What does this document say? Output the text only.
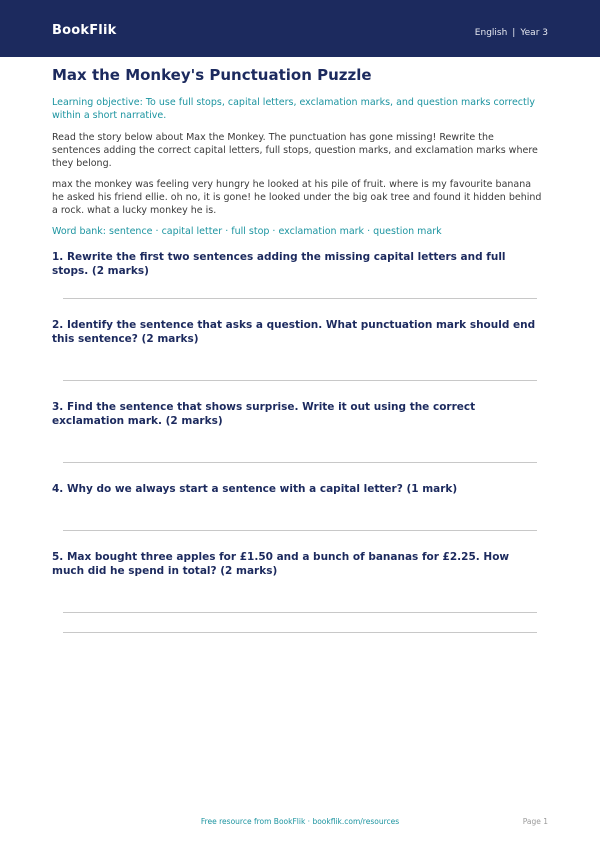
BookFlik	English | Year 3
Max the Monkey's Punctuation Puzzle
Learning objective: To use full stops, capital letters, exclamation marks, and question marks correctly within a short narrative.
Read the story below about Max the Monkey. The punctuation has gone missing! Rewrite the sentences adding the correct capital letters, full stops, question marks, and exclamation marks where they belong.
max the monkey was feeling very hungry he looked at his pile of fruit. where is my favourite banana he asked his friend ellie. oh no, it is gone! he looked under the big oak tree and found it hidden behind a rock. what a lucky monkey he is.
Word bank: sentence · capital letter · full stop · exclamation mark · question mark
1. Rewrite the first two sentences adding the missing capital letters and full stops. (2 marks)
2. Identify the sentence that asks a question. What punctuation mark should end this sentence? (2 marks)
3. Find the sentence that shows surprise. Write it out using the correct exclamation mark. (2 marks)
4. Why do we always start a sentence with a capital letter? (1 mark)
5. Max bought three apples for £1.50 and a bunch of bananas for £2.25. How much did he spend in total? (2 marks)
Free resource from BookFlik · bookflik.com/resources	Page 1
